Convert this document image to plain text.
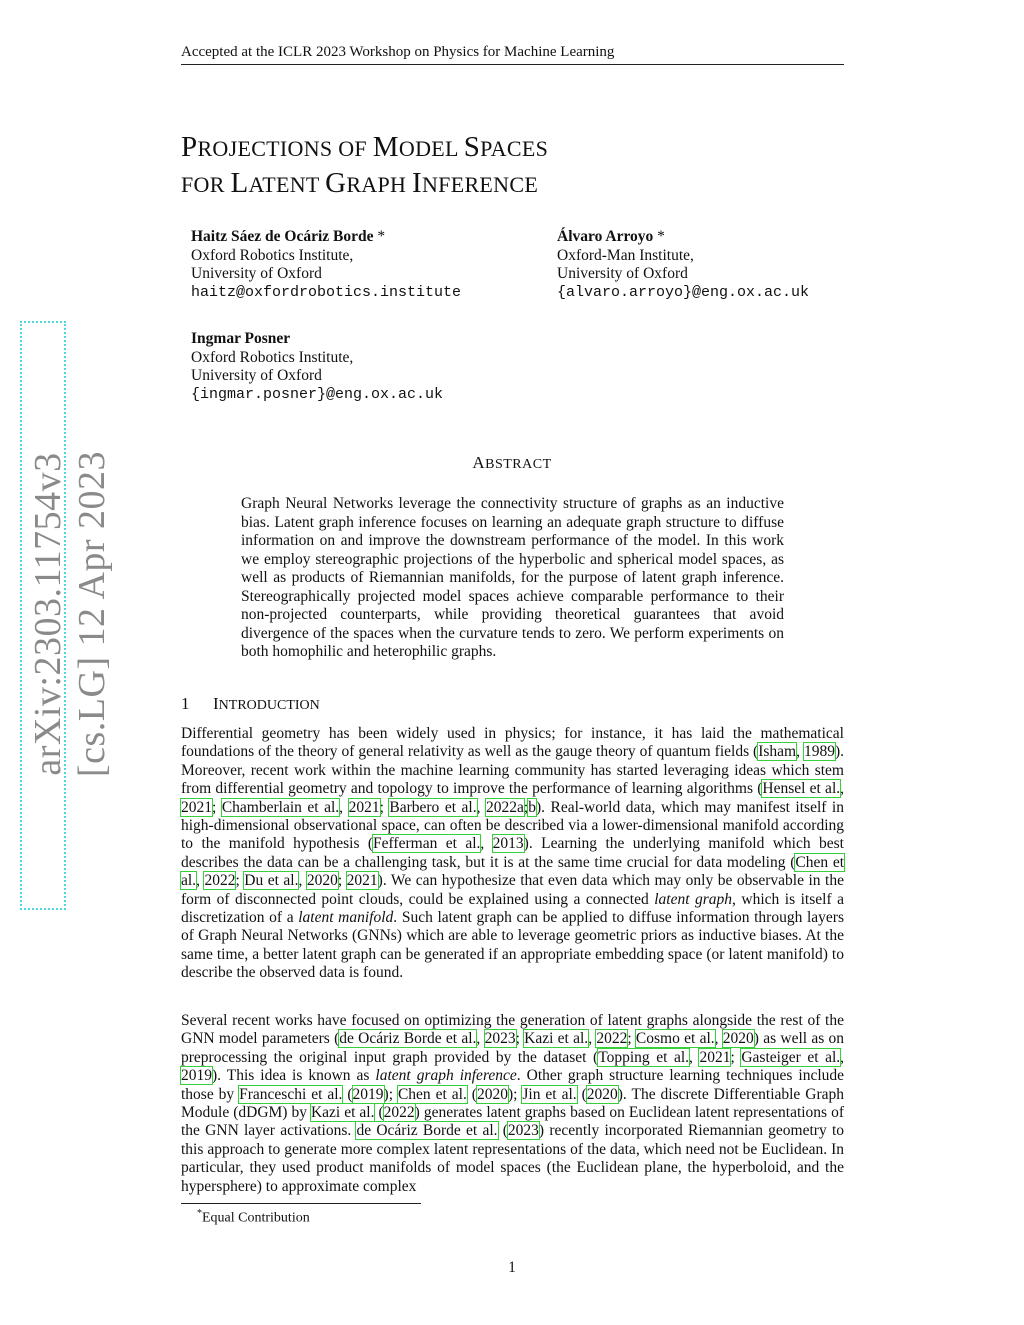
Accepted at the ICLR 2023 Workshop on Physics for Machine Learning
PROJECTIONS OF MODEL SPACES
FOR LATENT GRAPH INFERENCE
Haitz Sáez de Ocáriz Borde *
Oxford Robotics Institute,
University of Oxford
haitz@oxfordrobotics.institute
Álvaro Arroyo *
Oxford-Man Institute,
University of Oxford
{alvaro.arroyo}@eng.ox.ac.uk
Ingmar Posner
Oxford Robotics Institute,
University of Oxford
{ingmar.posner}@eng.ox.ac.uk
ABSTRACT
Graph Neural Networks leverage the connectivity structure of graphs as an inductive bias. Latent graph inference focuses on learning an adequate graph structure to diffuse information on and improve the downstream performance of the model. In this work we employ stereographic projections of the hyperbolic and spherical model spaces, as well as products of Riemannian manifolds, for the purpose of latent graph inference. Stereographically projected model spaces achieve comparable performance to their non-projected counterparts, while providing theoretical guarantees that avoid divergence of the spaces when the curvature tends to zero. We perform experiments on both homophilic and heterophilic graphs.
1 INTRODUCTION
Differential geometry has been widely used in physics; for instance, it has laid the mathematical foundations of the theory of general relativity as well as the gauge theory of quantum fields (Isham, 1989). Moreover, recent work within the machine learning community has started leveraging ideas which stem from differential geometry and topology to improve the performance of learning algorithms (Hensel et al., 2021; Chamberlain et al., 2021; Barbero et al., 2022a;b). Real-world data, which may manifest itself in high-dimensional observational space, can often be described via a lower-dimensional manifold according to the manifold hypothesis (Fefferman et al., 2013). Learning the underlying manifold which best describes the data can be a challenging task, but it is at the same time crucial for data modeling (Chen et al., 2022; Du et al., 2020; 2021). We can hypothesize that even data which may only be observable in the form of disconnected point clouds, could be explained using a connected latent graph, which is itself a discretization of a latent manifold. Such latent graph can be applied to diffuse information through layers of Graph Neural Networks (GNNs) which are able to leverage geometric priors as inductive biases. At the same time, a better latent graph can be generated if an appropriate embedding space (or latent manifold) to describe the observed data is found.
Several recent works have focused on optimizing the generation of latent graphs alongside the rest of the GNN model parameters (de Ocáriz Borde et al., 2023; Kazi et al., 2022; Cosmo et al., 2020) as well as on preprocessing the original input graph provided by the dataset (Topping et al., 2021; Gasteiger et al., 2019). This idea is known as latent graph inference. Other graph structure learning techniques include those by Franceschi et al. (2019); Chen et al. (2020); Jin et al. (2020). The discrete Differentiable Graph Module (dDGM) by Kazi et al. (2022) generates latent graphs based on Euclidean latent representations of the GNN layer activations. de Ocáriz Borde et al. (2023) recently incorporated Riemannian geometry to this approach to generate more complex latent representations of the data, which need not be Euclidean. In particular, they used product manifolds of model spaces (the Euclidean plane, the hyperboloid, and the hypersphere) to approximate complex
*Equal Contribution
1
arXiv:2303.11754v3 [cs.LG] 12 Apr 2023
